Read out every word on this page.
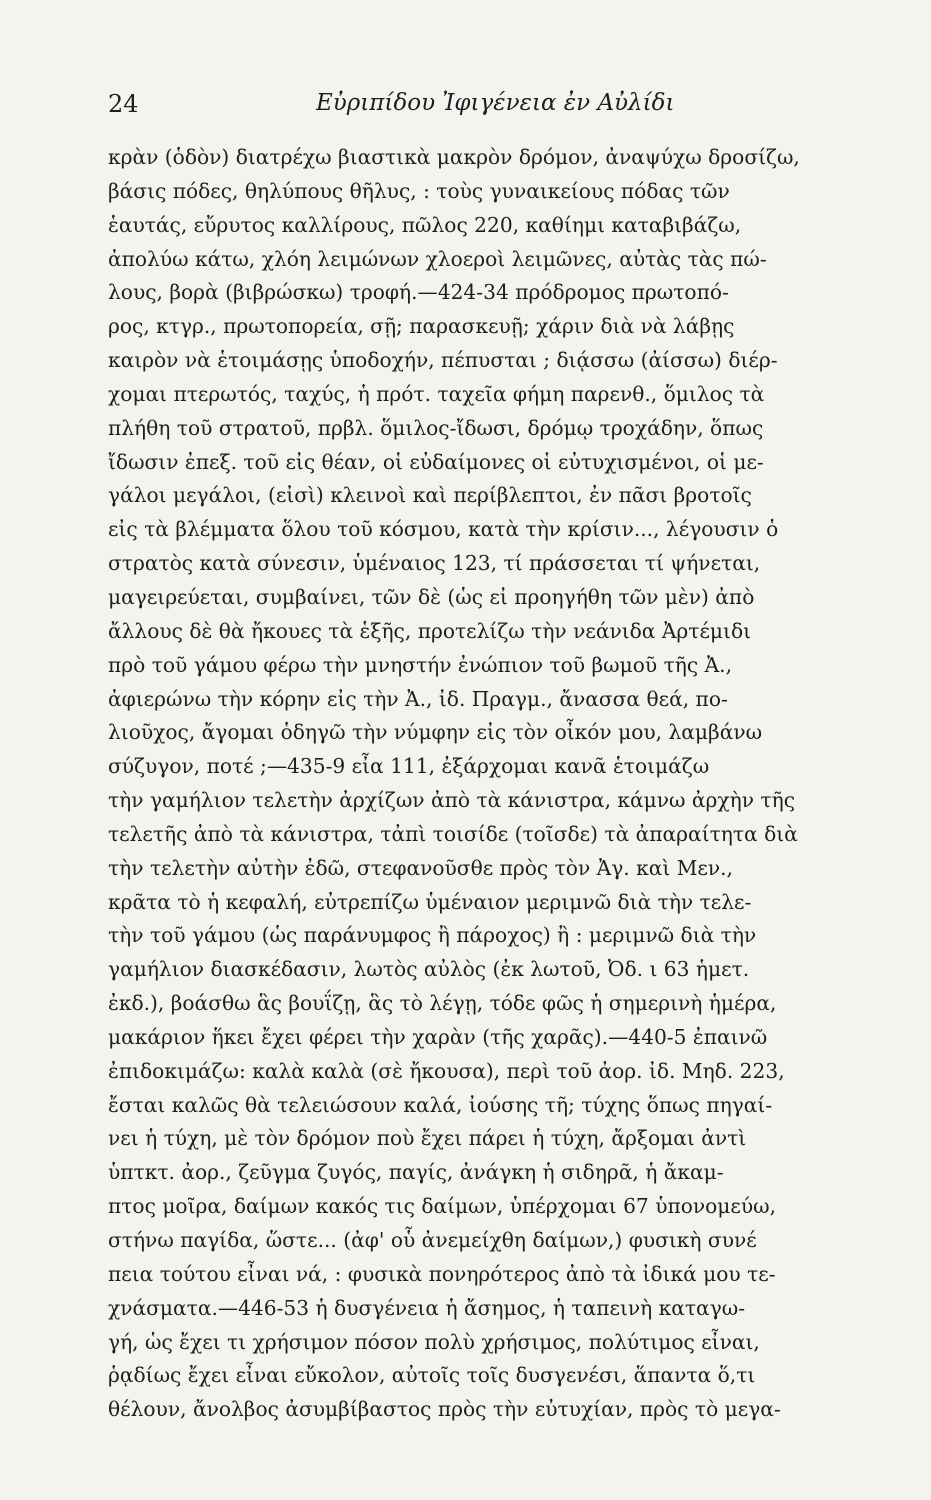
24	Εὐριπίδου Ἰφιγένεια ἐν Αὐλίδι
κρὰν (ὁδὸν) διατρέχω βιαστικὰ μακρὸν δρόμον, ἀναψύχω δροσίζω,
βάσις πόδες, θηλύπους θῆλυς, : τοὺς γυναικείους πόδας τῶν
ἑαυτάς, εὔρυτος καλλίρους, πῶλος 220, καθίημι καταβιβάζω,
ἀπολύω κάτω, χλόη λειμώνων χλοεροὶ λειμῶνες, αὐτὰς τὰς πώ-
λους, βορὰ (βιβρώσκω) τροφή.—424-34 πρόδρομος πρωτοπό-
ρος, κτγρ., πρωτοπορεία, σῇ; παρασκευῇ; χάριν διὰ νὰ λάβῃς
καιρὸν νὰ ἑτοιμάσῃς ὑποδοχήν, πέπυσται ; διᾴσσω (ἀίσσω) διέρ-
χομαι πτερωτός, ταχύς, ἡ πρότ. ταχεῖα φήμη παρενθ., ὅμιλος τὰ
πλήθη τοῦ στρατοῦ, πρβλ. ὅμιλος-ἴδωσι, δρόμῳ τροχάδην, ὅπως
ἴδωσιν ἐπεξ. τοῦ εἰς θέαν, οἱ εὐδαίμονες οἱ εὐτυχισμένοι, οἱ με-
γάλοι μεγάλοι, (εἰσὶ) κλεινοὶ καὶ περίβλεπτοι, ἐν πᾶσι βροτοῖς
εἰς τὰ βλέμματα ὅλου τοῦ κόσμου, κατὰ τὴν κρίσιν..., λέγουσιν ὁ
στρατὸς κατὰ σύνεσιν, ὑμέναιος 123, τί πράσσεται τί ψήνεται,
μαγειρεύεται, συμβαίνει, τῶν δὲ (ὡς εἰ προηγήθη τῶν μὲν) ἀπὸ
ἄλλους δὲ θὰ ἤκουες τὰ ἑξῆς, προτελίζω τὴν νεάνιδα Ἀρτέμιδι
πρὸ τοῦ γάμου φέρω τὴν μνηστήν ἐνώπιον τοῦ βωμοῦ τῆς Ἀ.,
ἀφιερώνω τὴν κόρην εἰς τὴν Ἀ., ἰδ. Πραγμ., ἄνασσα θεά, πο-
λιοῦχος, ἄγομαι ὁδηγῶ τὴν νύμφην εἰς τὸν οἶκόν μου, λαμβάνω
σύζυγον, ποτέ ;—435-9 εἶα 111, ἐξάρχομαι κανᾶ ἑτοιμάζω
τὴν γαμήλιον τελετὴν ἀρχίζων ἀπὸ τὰ κάνιστρα, κάμνω ἀρχὴν τῆς
τελετῆς ἀπὸ τὰ κάνιστρα, τἀπὶ τοισίδε (τοῖσδε) τὰ ἀπαραίτητα διὰ
τὴν τελετὴν αὐτὴν ἐδῶ, στεφανοῦσθε πρὸς τὸν Ἀγ. καὶ Μεν.,
κρᾶτα τὸ ἡ κεφαλή, εὐτρεπίζω ὑμέναιον μεριμνῶ διὰ τὴν τελε-
τὴν τοῦ γάμου (ὡς παράνυμφος ἢ πάροχος) ἢ : μεριμνῶ διὰ τὴν
γαμήλιον διασκέδασιν, λωτὸς αὐλὸς (ἐκ λωτοῦ, Ὀδ. ι 63 ἡμετ.
ἐκδ.), βοάσθω ἃς βουΐζῃ, ἃς τὸ λέγῃ, τόδε φῶς ἡ σημερινὴ ἡμέρα,
μακάριον ἥκει ἔχει φέρει τὴν χαρὰν (τῆς χαρᾶς).—440-5 ἐπαινῶ
ἐπιδοκιμάζω: καλὰ καλὰ (σὲ ἤκουσα), περὶ τοῦ ἀορ. ἰδ. Μηδ. 223,
ἔσται καλῶς θὰ τελειώσουν καλά, ἰούσης τῆ; τύχης ὅπως πηγαί-
νει ἡ τύχη, μὲ τὸν δρόμον ποὺ ἔχει πάρει ἡ τύχη, ἄρξομαι ἀντὶ
ὑπτκτ. ἀορ., ζεῦγμα ζυγός, παγίς, ἀνάγκη ἡ σιδηρᾶ, ἡ ἄκαμ-
πτος μοῖρα, δαίμων κακός τις δαίμων, ὑπέρχομαι 67 ὑπονομεύω,
στήνω παγίδα, ὥστε... (ἀφ' οὗ ἀνεμείχθη δαίμων,) φυσικὴ συνέ
πεια τούτου εἶναι νά, : φυσικὰ πονηρότερος ἀπὸ τὰ ἰδικά μου τε-
χνάσματα.—446-53 ἡ δυσγένεια ἡ ἄσημος, ἡ ταπεινὴ καταγω-
γή, ὡς ἔχει τι χρήσιμον πόσον πολὺ χρήσιμος, πολύτιμος εἶναι,
ῥᾳδίως ἔχει εἶναι εὔκολον, αὐτοῖς τοῖς δυσγενέσι, ἅπαντα ὅ,τι
θέλουν, ἄνολβος ἀσυμβίβαστος πρὸς τὴν εὐτυχίαν, πρὸς τὸ μεγα-
